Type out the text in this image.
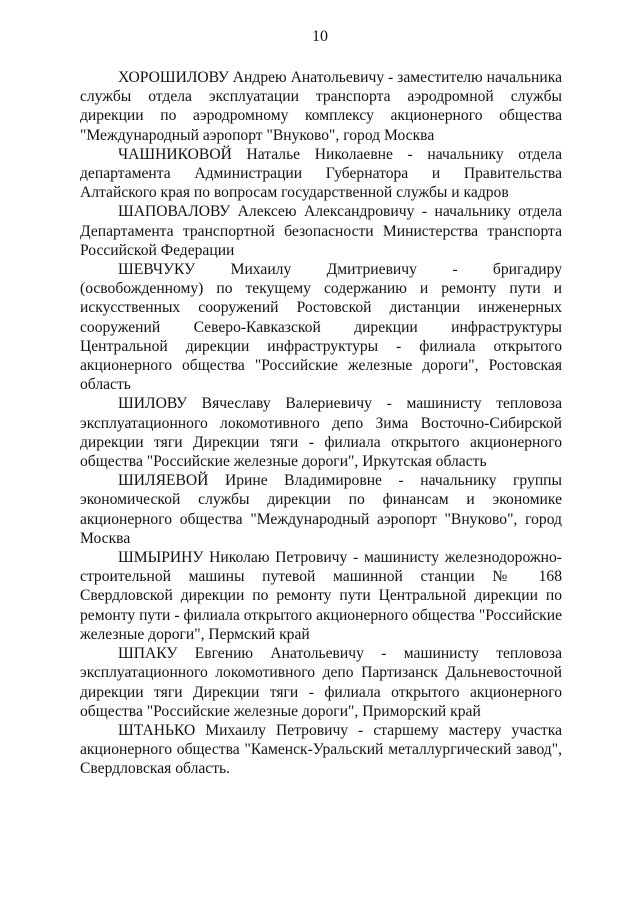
10

ХОРОШИЛОВУ Андрею Анатольевичу - заместителю начальника службы отдела эксплуатации транспорта аэродромной службы дирекции по аэродромному комплексу акционерного общества "Международный аэропорт "Внуково", город Москва

ЧАШНИКОВОЙ Наталье Николаевне - начальнику отдела департамента Администрации Губернатора и Правительства Алтайского края по вопросам государственной службы и кадров

ШАПОВАЛОВУ Алексею Александровичу - начальнику отдела Департамента транспортной безопасности Министерства транспорта Российской Федерации

ШЕВЧУКУ Михаилу Дмитриевичу - бригадиру (освобожденному) по текущему содержанию и ремонту пути и искусственных сооружений Ростовской дистанции инженерных сооружений Северо-Кавказской дирекции инфраструктуры Центральной дирекции инфраструктуры - филиала открытого акционерного общества "Российские железные дороги", Ростовская область

ШИЛОВУ Вячеславу Валериевичу - машинисту тепловоза эксплуатационного локомотивного депо Зима Восточно-Сибирской дирекции тяги Дирекции тяги - филиала открытого акционерного общества "Российские железные дороги", Иркутская область

ШИЛЯЕВОЙ Ирине Владимировне - начальнику группы экономической службы дирекции по финансам и экономике акционерного общества "Международный аэропорт "Внуково", город Москва

ШМЫРИНУ Николаю Петровичу - машинисту железнодорожно-строительной машины путевой машинной станции № 168 Свердловской дирекции по ремонту пути Центральной дирекции по ремонту пути - филиала открытого акционерного общества "Российские железные дороги", Пермский край

ШПАКУ Евгению Анатольевичу - машинисту тепловоза эксплуатационного локомотивного депо Партизанск Дальневосточной дирекции тяги Дирекции тяги - филиала открытого акционерного общества "Российские железные дороги", Приморский край

ШТАНЬКО Михаилу Петровичу - старшему мастеру участка акционерного общества "Каменск-Уральский металлургический завод", Свердловская область.
